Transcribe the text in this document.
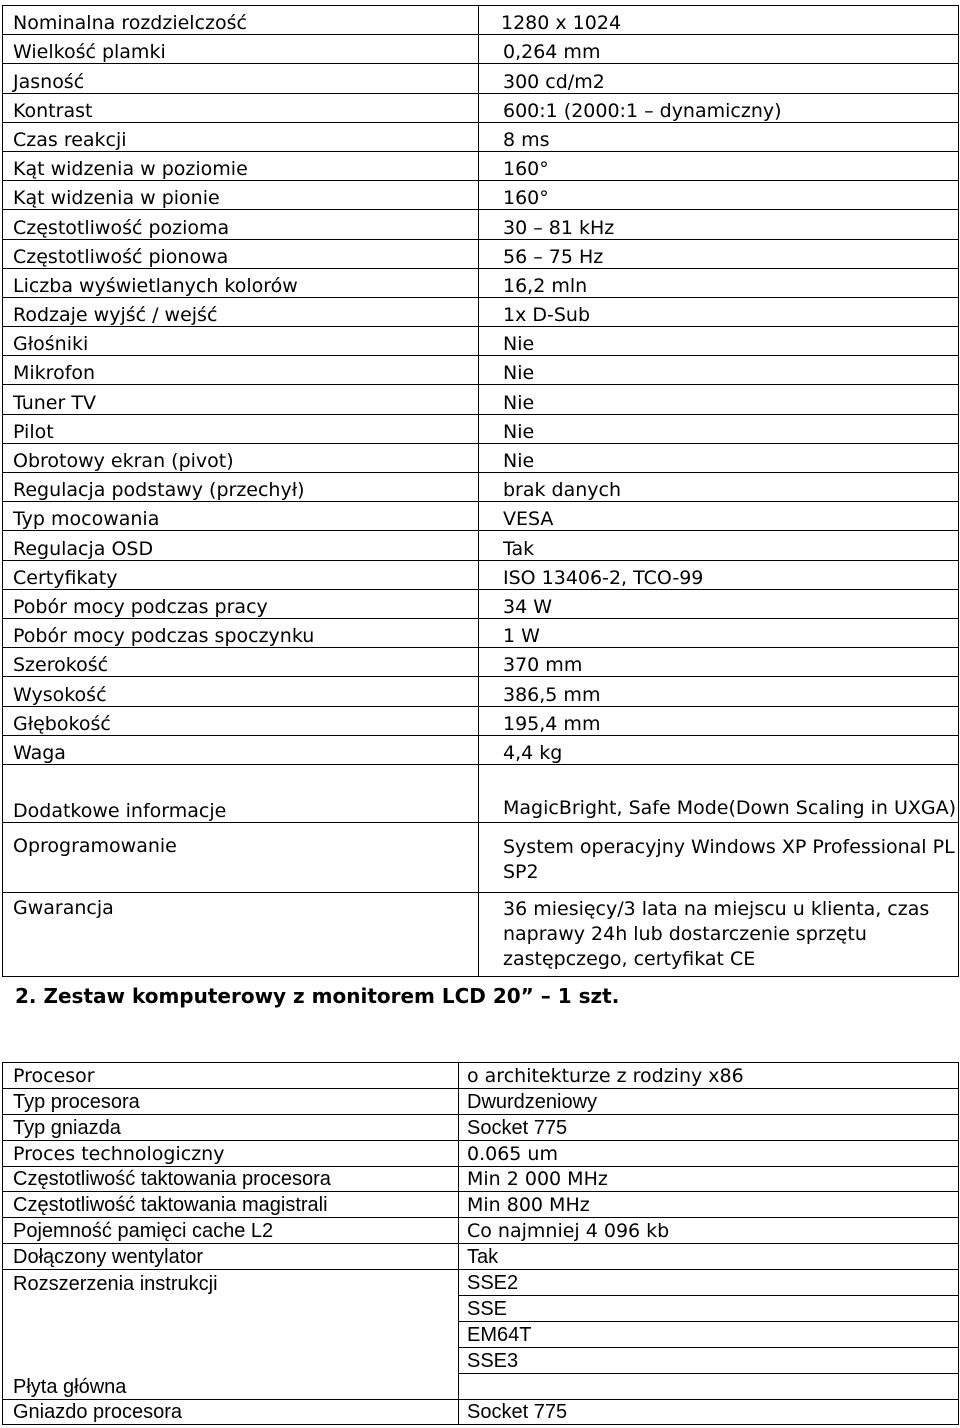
Nominalna rozdzielczość	1280 x 1024
Wielkość plamki	0,264 mm
Jasność	300 cd/m2
Kontrast	600:1 (2000:1 – dynamiczny)
Czas reakcji	8 ms
Kąt widzenia w poziomie	160°
Kąt widzenia w pionie	160°
Częstotliwość pozioma	30 – 81 kHz
Częstotliwość pionowa	56 – 75 Hz
Liczba wyświetlanych kolorów	16,2 mln
Rodzaje wyjść / wejść	1x D-Sub
Głośniki	Nie
Mikrofon	Nie
Tuner TV	Nie
Pilot	Nie
Obrotowy ekran (pivot)	Nie
Regulacja podstawy (przechył)	brak danych
Typ mocowania	VESA
Regulacja OSD	Tak
Certyfikaty	ISO 13406-2, TCO-99
Pobór mocy podczas pracy	34 W
Pobór mocy podczas spoczynku	1 W
Szerokość	370 mm
Wysokość	386,5 mm
Głębokość	195,4 mm
Waga	4,4 kg
Dodatkowe informacje	MagicBright, Safe Mode(Down Scaling in UXGA)
Oprogramowanie	System operacyjny Windows XP Professional PL SP2
Gwarancja	36 miesięcy/3 lata na miejscu u klienta, czas naprawy 24h lub dostarczenie sprzętu zastępczego, certyfikat CE
2. Zestaw komputerowy z monitorem LCD 20” – 1 szt.
Procesor	o architekturze z rodziny x86
Typ procesora	Dwurdzeniowy
Typ gniazda	Socket 775
Proces technologiczny	0.065 um
Częstotliwość taktowania procesora	Min 2 000 MHz
Częstotliwość taktowania magistrali	Min 800 MHz
Pojemność pamięci cache L2	Co najmniej 4 096 kb
Dołączony wentylator	Tak
Rozszerzenia instrukcji	SSE2
	SSE
	EM64T
	SSE3
Płyta główna	
Gniazdo procesora	Socket 775
